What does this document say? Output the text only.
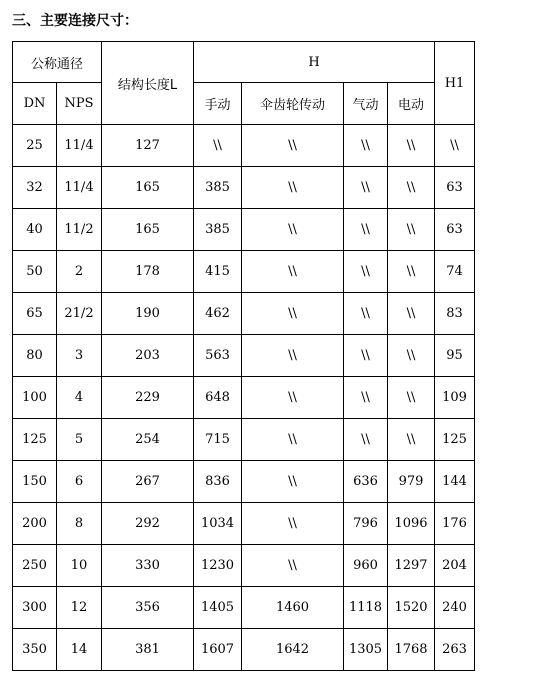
三、主要连接尺寸：
公称通径		结构长度L	H				H1
DN	NPS		手动	伞齿轮传动	气动	电动	
25	11/4	127	\\	\\	\\	\\	\\
32	11/4	165	385	\\	\\	\\	63
40	11/2	165	385	\\	\\	\\	63
50	2	178	415	\\	\\	\\	74
65	21/2	190	462	\\	\\	\\	83
80	3	203	563	\\	\\	\\	95
100	4	229	648	\\	\\	\\	109
125	5	254	715	\\	\\	\\	125
150	6	267	836	\\	636	979	144
200	8	292	1034	\\	796	1096	176
250	10	330	1230	\\	960	1297	204
300	12	356	1405	1460	1118	1520	240
350	14	381	1607	1642	1305	1768	263
